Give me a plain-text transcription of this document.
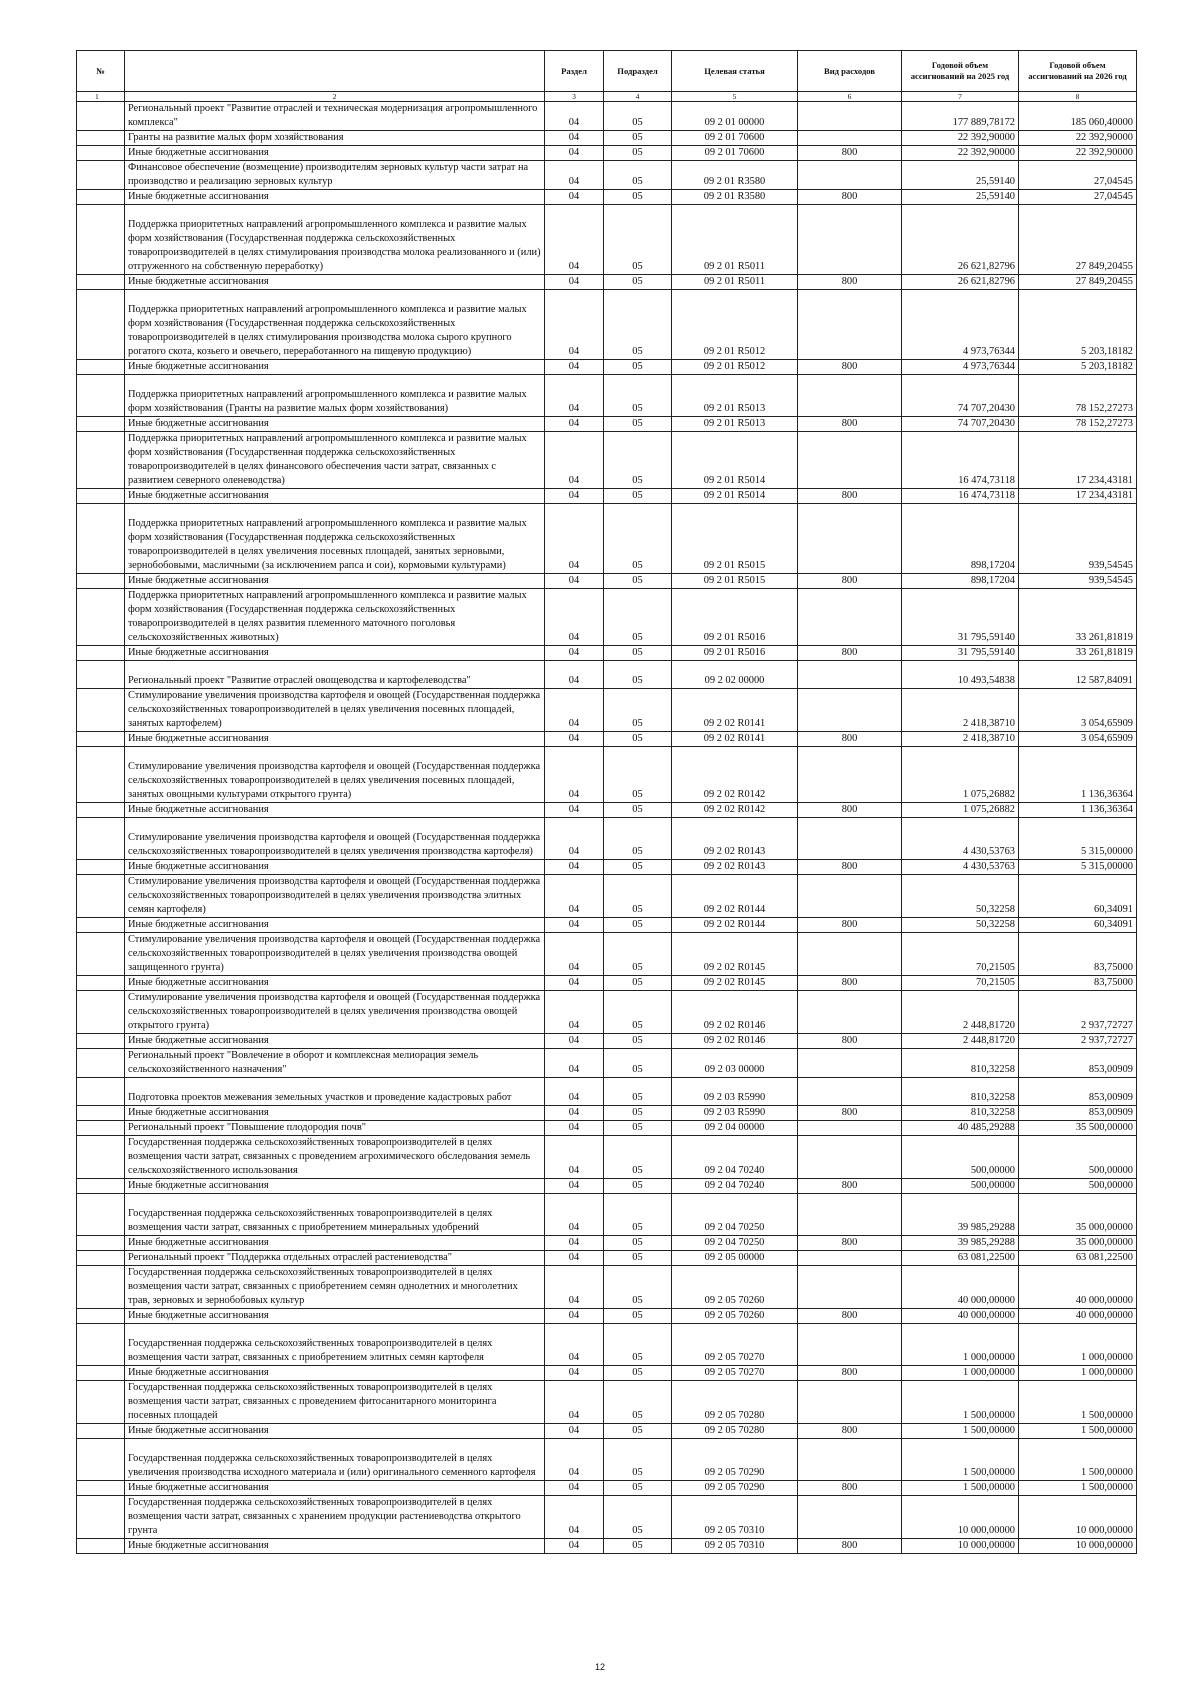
№		Раздел	Подраздел	Целевая статья	Вид расходов	Годовой объем ассигнований на 2025 год	Годовой объем ассигнований на 2026 год
1	2	3	4	5	6	7	8
	Региональный проект "Развитие отраслей и техническая модернизация агропромышленного комплекса"	04	05	09 2 01 00000		177 889,78172	185 060,40000
	Гранты на развитие малых форм хозяйствования	04	05	09 2 01 70600		22 392,90000	22 392,90000
	Иные бюджетные ассигнования	04	05	09 2 01 70600	800	22 392,90000	22 392,90000
	Финансовое обеспечение (возмещение) производителям зерновых культур части затрат на производство и реализацию зерновых культур	04	05	09 2 01 R3580		25,59140	27,04545
	Иные бюджетные ассигнования	04	05	09 2 01 R3580	800	25,59140	27,04545
	Поддержка приоритетных направлений агропромышленного комплекса и развитие малых форм хозяйствования (Государственная поддержка сельскохозяйственных товаропроизводителей в целях стимулирования производства молока реализованного и (или) отгруженного на собственную переработку)	04	05	09 2 01 R5011		26 621,82796	27 849,20455
	Иные бюджетные ассигнования	04	05	09 2 01 R5011	800	26 621,82796	27 849,20455
	Поддержка приоритетных направлений агропромышленного комплекса и развитие малых форм хозяйствования (Государственная поддержка сельскохозяйственных товаропроизводителей в целях стимулирования производства молока сырого крупного рогатого скота, козьего и овечьего, переработанного на пищевую продукцию)	04	05	09 2 01 R5012		4 973,76344	5 203,18182
	Иные бюджетные ассигнования	04	05	09 2 01 R5012	800	4 973,76344	5 203,18182
	Поддержка приоритетных направлений агропромышленного комплекса и развитие малых форм хозяйствования (Гранты на развитие малых форм хозяйствования)	04	05	09 2 01 R5013		74 707,20430	78 152,27273
	Иные бюджетные ассигнования	04	05	09 2 01 R5013	800	74 707,20430	78 152,27273
	Поддержка приоритетных направлений агропромышленного комплекса и развитие малых форм хозяйствования (Государственная поддержка сельскохозяйственных товаропроизводителей в целях финансового обеспечения части затрат, связанных с развитием северного оленеводства)	04	05	09 2 01 R5014		16 474,73118	17 234,43181
	Иные бюджетные ассигнования	04	05	09 2 01 R5014	800	16 474,73118	17 234,43181
	Поддержка приоритетных направлений агропромышленного комплекса и развитие малых форм хозяйствования (Государственная поддержка сельскохозяйственных товаропроизводителей в целях увеличения посевных площадей, занятых зерновыми, зернобобовыми, масличными (за исключением рапса и сои), кормовыми культурами)	04	05	09 2 01 R5015		898,17204	939,54545
	Иные бюджетные ассигнования	04	05	09 2 01 R5015	800	898,17204	939,54545
	Поддержка приоритетных направлений агропромышленного комплекса и развитие малых форм хозяйствования (Государственная поддержка сельскохозяйственных товаропроизводителей в целях развития племенного маточного поголовья сельскохозяйственных животных)	04	05	09 2 01 R5016		31 795,59140	33 261,81819
	Иные бюджетные ассигнования	04	05	09 2 01 R5016	800	31 795,59140	33 261,81819
	Региональный проект "Развитие отраслей овощеводства и картофелеводства"	04	05	09 2 02 00000		10 493,54838	12 587,84091
	Стимулирование увеличения производства картофеля и овощей (Государственная поддержка сельскохозяйственных товаропроизводителей в целях увеличения посевных площадей, занятых картофелем)	04	05	09 2 02 R0141		2 418,38710	3 054,65909
	Иные бюджетные ассигнования	04	05	09 2 02 R0141	800	2 418,38710	3 054,65909
	Стимулирование увеличения производства картофеля и овощей (Государственная поддержка сельскохозяйственных товаропроизводителей в целях увеличения посевных площадей, занятых овощными культурами открытого грунта)	04	05	09 2 02 R0142		1 075,26882	1 136,36364
	Иные бюджетные ассигнования	04	05	09 2 02 R0142	800	1 075,26882	1 136,36364
	Стимулирование увеличения производства картофеля и овощей (Государственная поддержка сельскохозяйственных товаропроизводителей в целях увеличения производства картофеля)	04	05	09 2 02 R0143		4 430,53763	5 315,00000
	Иные бюджетные ассигнования	04	05	09 2 02 R0143	800	4 430,53763	5 315,00000
	Стимулирование увеличения производства картофеля и овощей (Государственная поддержка сельскохозяйственных товаропроизводителей в целях увеличения производства элитных семян картофеля)	04	05	09 2 02 R0144		50,32258	60,34091
	Иные бюджетные ассигнования	04	05	09 2 02 R0144	800	50,32258	60,34091
	Стимулирование увеличения производства картофеля и овощей (Государственная поддержка сельскохозяйственных товаропроизводителей в целях увеличения производства овощей защищенного грунта)	04	05	09 2 02 R0145		70,21505	83,75000
	Иные бюджетные ассигнования	04	05	09 2 02 R0145	800	70,21505	83,75000
	Стимулирование увеличения производства картофеля и овощей (Государственная поддержка сельскохозяйственных товаропроизводителей в целях увеличения производства овощей открытого грунта)	04	05	09 2 02 R0146		2 448,81720	2 937,72727
	Иные бюджетные ассигнования	04	05	09 2 02 R0146	800	2 448,81720	2 937,72727
	Региональный проект "Вовлечение в оборот и комплексная мелиорация земель сельскохозяйственного назначения"	04	05	09 2 03 00000		810,32258	853,00909
	Подготовка проектов межевания земельных участков и проведение кадастровых работ	04	05	09 2 03 R5990		810,32258	853,00909
	Иные бюджетные ассигнования	04	05	09 2 03 R5990	800	810,32258	853,00909
	Региональный проект "Повышение плодородия почв"	04	05	09 2 04 00000		40 485,29288	35 500,00000
	Государственная поддержка сельскохозяйственных товаропроизводителей в целях возмещения части затрат, связанных с проведением агрохимического обследования земель сельскохозяйственного использования	04	05	09 2 04 70240		500,00000	500,00000
	Иные бюджетные ассигнования	04	05	09 2 04 70240	800	500,00000	500,00000
	Государственная поддержка сельскохозяйственных товаропроизводителей в целях возмещения части затрат, связанных с приобретением минеральных удобрений	04	05	09 2 04 70250		39 985,29288	35 000,00000
	Иные бюджетные ассигнования	04	05	09 2 04 70250	800	39 985,29288	35 000,00000
	Региональный проект "Поддержка отдельных отраслей растениеводства"	04	05	09 2 05 00000		63 081,22500	63 081,22500
	Государственная поддержка сельскохозяйственных товаропроизводителей в целях возмещения части затрат, связанных с приобретением семян однолетних и многолетних трав, зерновых и зернобобовых культур	04	05	09 2 05 70260		40 000,00000	40 000,00000
	Иные бюджетные ассигнования	04	05	09 2 05 70260	800	40 000,00000	40 000,00000
	Государственная поддержка сельскохозяйственных товаропроизводителей в целях возмещения части затрат, связанных с приобретением элитных семян картофеля	04	05	09 2 05 70270		1 000,00000	1 000,00000
	Иные бюджетные ассигнования	04	05	09 2 05 70270	800	1 000,00000	1 000,00000
	Государственная поддержка сельскохозяйственных товаропроизводителей в целях возмещения части затрат, связанных с проведением фитосанитарного мониторинга посевных площадей	04	05	09 2 05 70280		1 500,00000	1 500,00000
	Иные бюджетные ассигнования	04	05	09 2 05 70280	800	1 500,00000	1 500,00000
	Государственная поддержка сельскохозяйственных товаропроизводителей в целях увеличения производства исходного материала и (или) оригинального семенного картофеля	04	05	09 2 05 70290		1 500,00000	1 500,00000
	Иные бюджетные ассигнования	04	05	09 2 05 70290	800	1 500,00000	1 500,00000
	Государственная поддержка сельскохозяйственных товаропроизводителей в целях возмещения части затрат, связанных с хранением продукции растениеводства открытого грунта	04	05	09 2 05 70310		10 000,00000	10 000,00000
	Иные бюджетные ассигнования	04	05	09 2 05 70310	800	10 000,00000	10 000,00000
12
